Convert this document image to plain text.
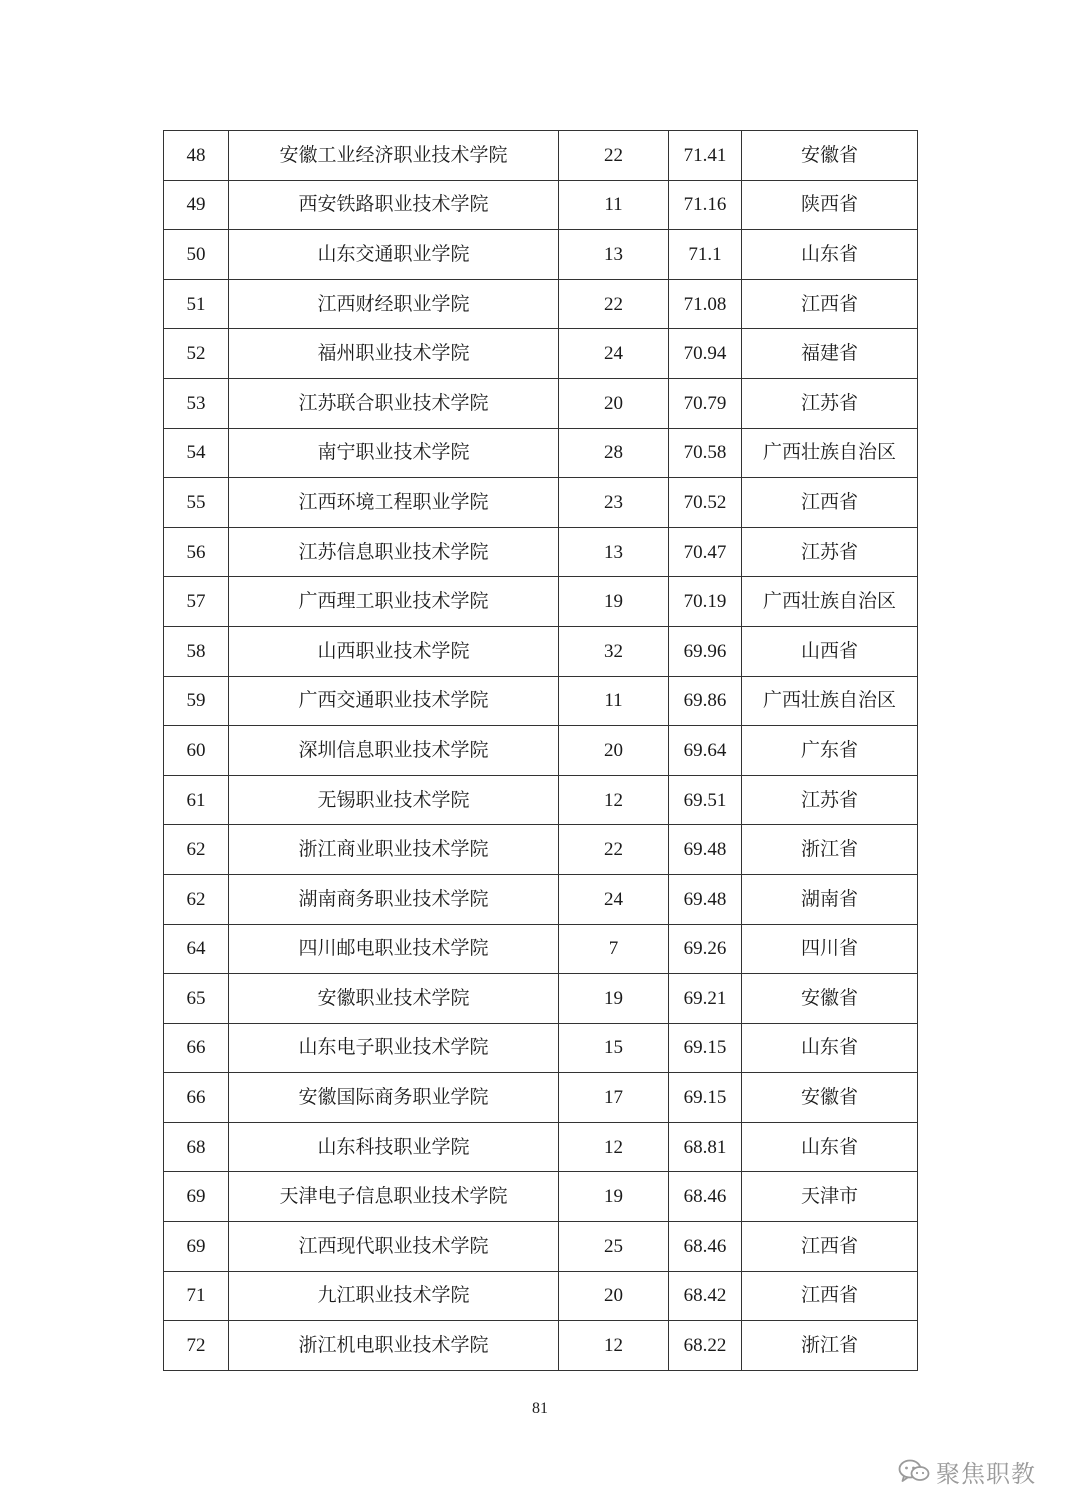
48	安徽工业经济职业技术学院	22	71.41	安徽省
49	西安铁路职业技术学院	11	71.16	陕西省
50	山东交通职业学院	13	71.1	山东省
51	江西财经职业学院	22	71.08	江西省
52	福州职业技术学院	24	70.94	福建省
53	江苏联合职业技术学院	20	70.79	江苏省
54	南宁职业技术学院	28	70.58	广西壮族自治区
55	江西环境工程职业学院	23	70.52	江西省
56	江苏信息职业技术学院	13	70.47	江苏省
57	广西理工职业技术学院	19	70.19	广西壮族自治区
58	山西职业技术学院	32	69.96	山西省
59	广西交通职业技术学院	11	69.86	广西壮族自治区
60	深圳信息职业技术学院	20	69.64	广东省
61	无锡职业技术学院	12	69.51	江苏省
62	浙江商业职业技术学院	22	69.48	浙江省
62	湖南商务职业技术学院	24	69.48	湖南省
64	四川邮电职业技术学院	7	69.26	四川省
65	安徽职业技术学院	19	69.21	安徽省
66	山东电子职业技术学院	15	69.15	山东省
66	安徽国际商务职业学院	17	69.15	安徽省
68	山东科技职业学院	12	68.81	山东省
69	天津电子信息职业技术学院	19	68.46	天津市
69	江西现代职业技术学院	25	68.46	江西省
71	九江职业技术学院	20	68.42	江西省
72	浙江机电职业技术学院	12	68.22	浙江省
81
聚焦职教
